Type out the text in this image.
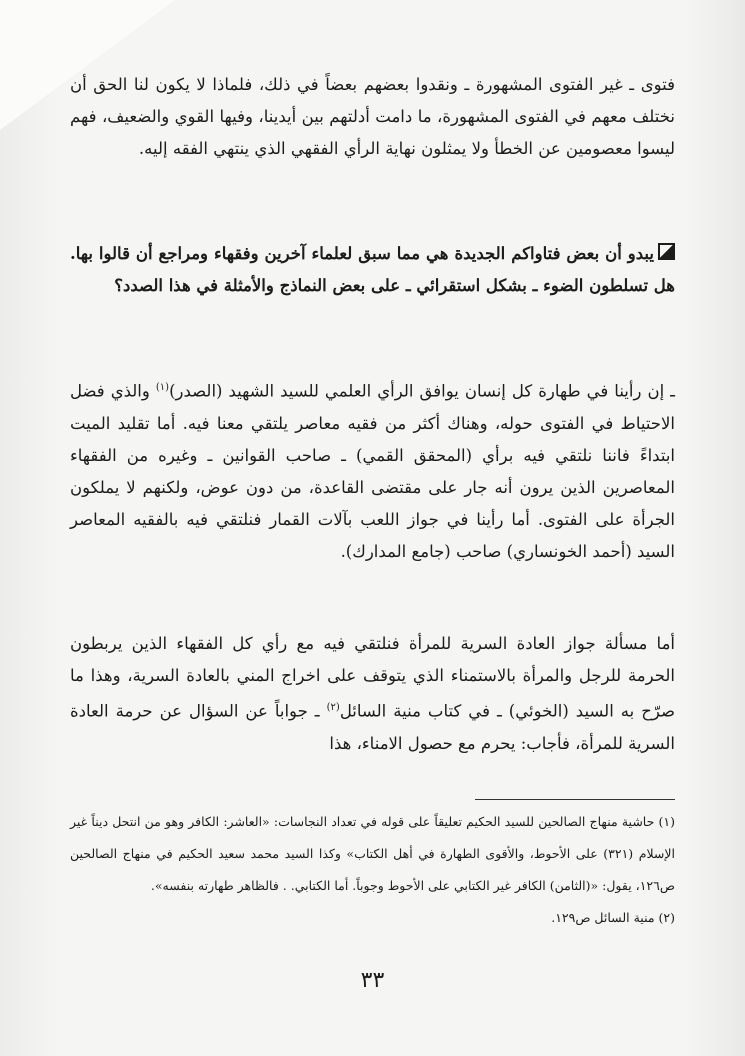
فتوى ـ غير الفتوى المشهورة ـ ونقدوا بعضهم بعضاً في ذلك، فلماذا لا يكون لنا الحق أن نختلف معهم في الفتوى المشهورة، ما دامت أدلتهم بين أيدينا، وفيها القوي والضعيف، فهم ليسوا معصومين عن الخطأ ولا يمثلون نهاية الرأي الفقهي الذي ينتهي الفقه إليه.

يبدو أن بعض فتاواكم الجديدة هي مما سبق لعلماء آخرين وفقهاء ومراجع أن قالوا بها. هل تسلطون الضوء ـ بشكل استقرائي ـ على بعض النماذج والأمثلة في هذا الصدد؟

ـ إن رأينا في طهارة كل إنسان يوافق الرأي العلمي للسيد الشهيد (الصدر)$^{(١)}$ والذي فضل الاحتياط في الفتوى حوله، وهناك أكثر من فقيه معاصر يلتقي معنا فيه. أما تقليد الميت ابتداءً فاننا نلتقي فيه برأي (المحقق القمي) ـ صاحب القوانين ـ وغيره من الفقهاء المعاصرين الذين يرون أنه جار على مقتضى القاعدة، من دون عوض، ولكنهم لا يملكون الجرأة على الفتوى. أما رأينا في جواز اللعب بآلات القمار فنلتقي فيه بالفقيه المعاصر السيد (أحمد الخونساري) صاحب (جامع المدارك).

أما مسألة جواز العادة السرية للمرأة فنلتقي فيه مع رأي كل الفقهاء الذين يربطون الحرمة للرجل والمرأة بالاستمناء الذي يتوقف على اخراج المني بالعادة السرية، وهذا ما صرّح به السيد (الخوئي) ـ في كتاب منية السائل$^{(٢)}$ ـ جواباً عن السؤال عن حرمة العادة السرية للمرأة، فأجاب: يحرم مع حصول الامناء، هذا

(١) حاشية منهاج الصالحين للسيد الحكيم تعليقاً على قوله في تعداد النجاسات: «العاشر: الكافر وهو من انتحل ديناً غير الإسلام (٣٢١) على الأحوط، والأقوى الطهارة في أهل الكتاب» وكذا السيد محمد سعيد الحكيم في منهاج الصالحين ص١٢٦، يقول: «(الثامن) الكافر غير الكتابي على الأحوط وجوباً. أما الكتابي. . فالظاهر طهارته بنفسه».

(٢) منية السائل ص١٢٩.

٣٣
